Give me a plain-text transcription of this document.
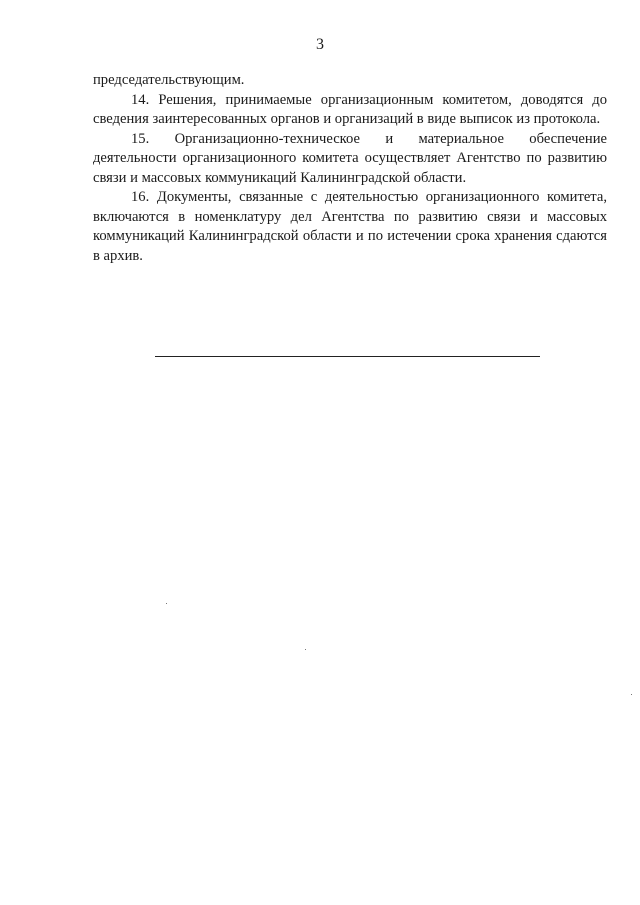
3

председательствующим.

14. Решения, принимаемые организационным комитетом, доводятся до сведения заинтересованных органов и организаций в виде выписок из протокола.

15. Организационно-техническое и материальное обеспечение деятельности организационного комитета осуществляет Агентство по развитию связи и массовых коммуникаций Калининградской области.

16. Документы, связанные с деятельностью организационного комитета, включаются в номенклатуру дел Агентства по развитию связи и массовых коммуникаций Калининградской области и по истечении срока хранения сдаются в архив.
